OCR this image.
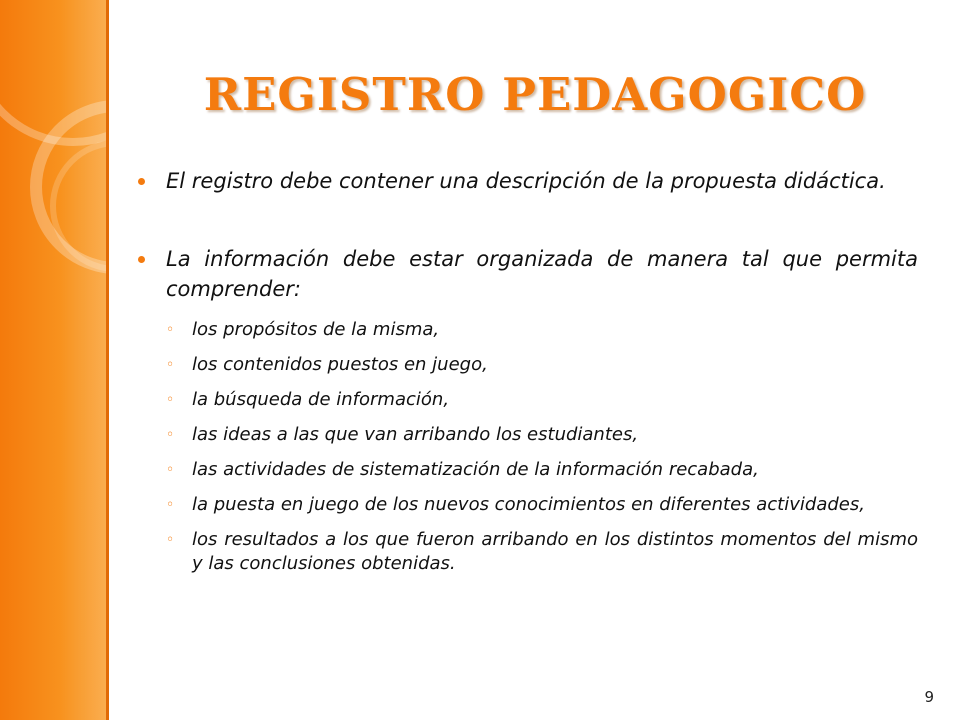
REGISTRO PEDAGOGICO
El registro debe contener una descripción de la propuesta didáctica.
La información debe estar organizada de manera tal que permita comprender:
◦ los propósitos de la misma,
◦ los contenidos puestos en juego,
◦ la búsqueda de información,
◦ las ideas a las que van arribando los estudiantes,
◦ las actividades de sistematización de la información recabada,
◦ la puesta en juego de los nuevos conocimientos en diferentes actividades,
◦ los resultados a los que fueron arribando en los distintos momentos del mismo y las conclusiones obtenidas.
9
